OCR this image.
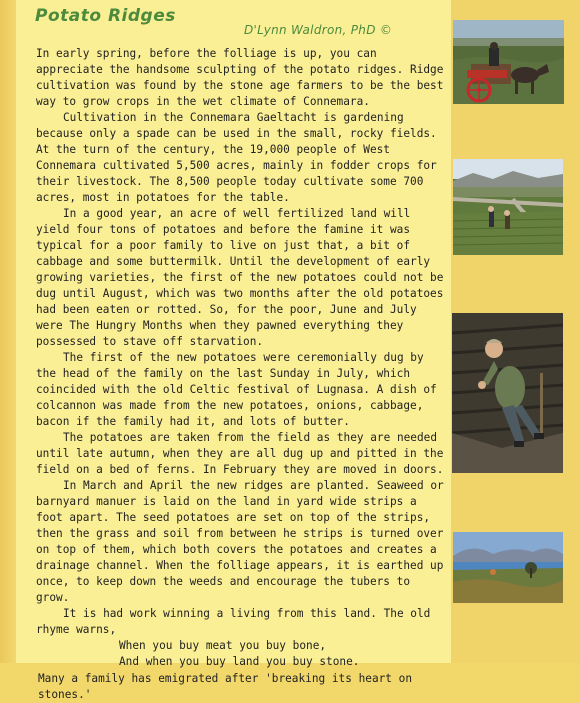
Potato Ridges
D'Lynn Waldron, PhD ©

In early spring, before the folliage is up, you can appreciate the handsome sculpting of the potato ridges. Ridge cultivation was found by the stone age farmers to be the best way to grow crops in the wet climate of Connemara.

Cultivation in the Connemara Gaeltacht is gardening because only a spade can be used in the small, rocky fields. At the turn of the century, the 19,000 people of West Connemara cultivated 5,500 acres, mainly in fodder crops for their livestock. The 8,500 people today cultivate some 700 acres, most in potatoes for the table.

In a good year, an acre of well fertilized land will yield four tons of potatoes and before the famine it was typical for a poor family to live on just that, a bit of cabbage and some buttermilk. Until the development of early growing varieties, the first of the new potatoes could not be dug until August, which was two months after the old potatoes had been eaten or rotted. So, for the poor, June and July were The Hungry Months when they pawned everything they possessed to stave off starvation.

The first of the new potatoes were ceremonially dug by the head of the family on the last Sunday in July, which coincided with the old Celtic festival of Lugnasa. A dish of colcannon was made from the new potatoes, onions, cabbage, bacon if the family had it, and lots of butter.

The potatoes are taken from the field as they are needed until late autumn, when they are all dug up and pitted in the field on a bed of ferns. In February they are moved in doors.

In March and April the new ridges are planted. Seaweed or barnyard manuer is laid on the land in yard wide strips a foot apart. The seed potatoes are set on top of the strips, then the grass and soil from between he strips is turned over on top of them, which both covers the potatoes and creates a drainage channel. When the folliage appears, it is earthed up once, to keep down the weeds and encourage the tubers to grow.

It is had work winning a living from this land. The old rhyme warns,

When you buy meat you buy bone,

And when you buy land you buy stone.

Many a family has emigrated after 'breaking its heart on stones.'
